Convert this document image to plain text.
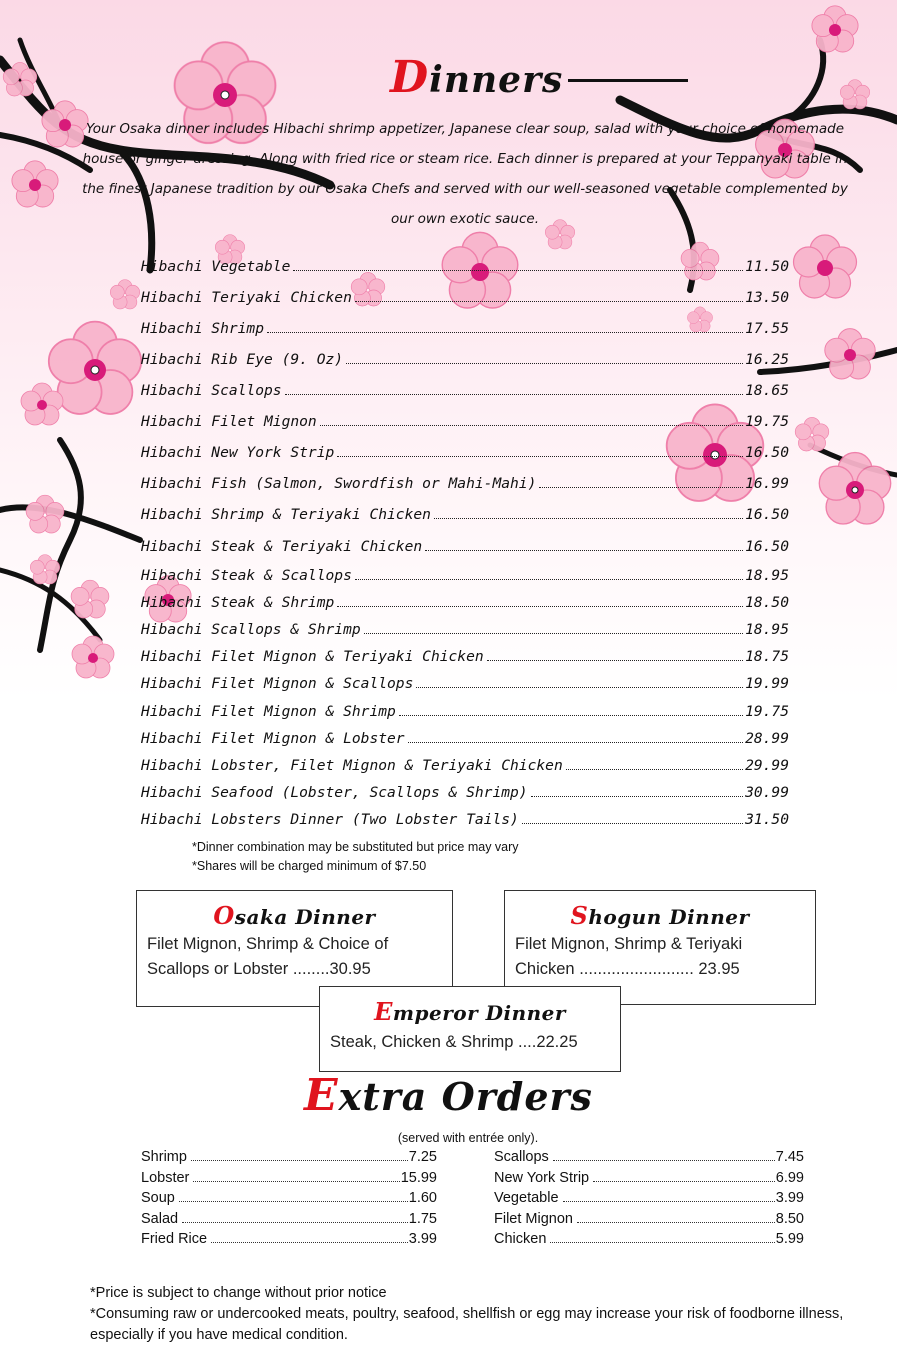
Dinners
Your Osaka dinner includes Hibachi shrimp appetizer, Japanese clear soup, salad with your choice of homemade house or ginger dressing. Along with fried rice or steam rice. Each dinner is prepared at your Teppanyaki table in the finest Japanese tradition by our Osaka Chefs and served with our well-seasoned vegetable complemented by our own exotic sauce.
Hibachi Vegetable	11.50
Hibachi Teriyaki Chicken	13.50
Hibachi Shrimp	17.55
Hibachi Rib Eye (9. Oz)	16.25
Hibachi Scallops	18.65
Hibachi Filet Mignon	19.75
Hibachi New York Strip	16.50
Hibachi Fish (Salmon, Swordfish or Mahi-Mahi)	16.99
Hibachi Shrimp & Teriyaki Chicken	16.50
Hibachi Steak & Teriyaki Chicken	16.50
Hibachi Steak & Scallops	18.95
Hibachi Steak & Shrimp	18.50
Hibachi Scallops & Shrimp	18.95
Hibachi Filet Mignon & Teriyaki Chicken	18.75
Hibachi Filet Mignon & Scallops	19.99
Hibachi Filet Mignon & Shrimp	19.75
Hibachi Filet Mignon & Lobster	28.99
Hibachi Lobster, Filet Mignon & Teriyaki Chicken	29.99
Hibachi Seafood (Lobster, Scallops & Shrimp)	30.99
Hibachi Lobsters Dinner (Two Lobster Tails)	31.50
*Dinner combination may be substituted but price may vary
*Shares will be charged minimum of $7.50
Osaka Dinner
Filet Mignon, Shrimp & Choice of
Scallops or Lobster ........30.95
Shogun Dinner
Filet Mignon, Shrimp & Teriyaki
Chicken ......................... 23.95
Emperor Dinner
Steak, Chicken & Shrimp ....22.25
Extra Orders
(served with entrée only).
Shrimp	7.25
Lobster	15.99
Soup	1.60
Salad	1.75
Fried Rice	3.99
Scallops	7.45
New York Strip	6.99
Vegetable	3.99
Filet Mignon	8.50
Chicken	5.99
*Price is subject to change without prior notice
*Consuming raw or undercooked meats, poultry, seafood, shellfish or egg may increase your risk of foodborne illness, especially if you have medical condition.
